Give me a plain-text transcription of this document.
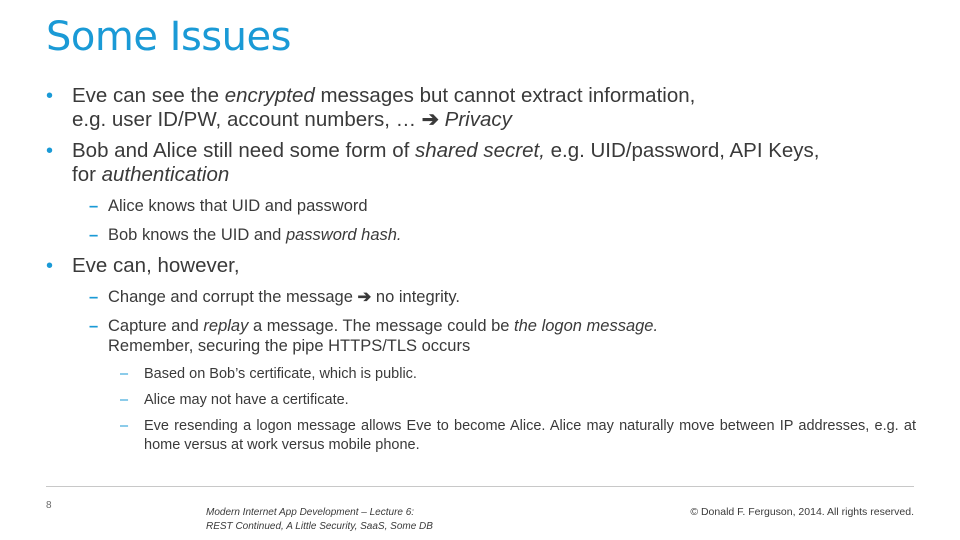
Some Issues
• Eve can see the encrypted messages but cannot extract information,
e.g. user ID/PW, account numbers, … ➔ Privacy
• Bob and Alice still need some form of shared secret, e.g. UID/password, API Keys,
for authentication
– Alice knows that UID and password
– Bob knows the UID and password hash.
• Eve can, however,
– Change and corrupt the message ➔ no integrity.
– Capture and replay a message. The message could be the logon message.
Remember, securing the pipe HTTPS/TLS occurs
– Based on Bob’s certificate, which is public.
– Alice may not have a certificate.
– Eve resending a logon message allows Eve to become Alice. Alice may naturally move between IP addresses, e.g. at home versus at work versus mobile phone.
8
Modern Internet App Development – Lecture 6:
REST Continued, A Little Security, SaaS, Some DB
© Donald F. Ferguson, 2014. All rights reserved.
